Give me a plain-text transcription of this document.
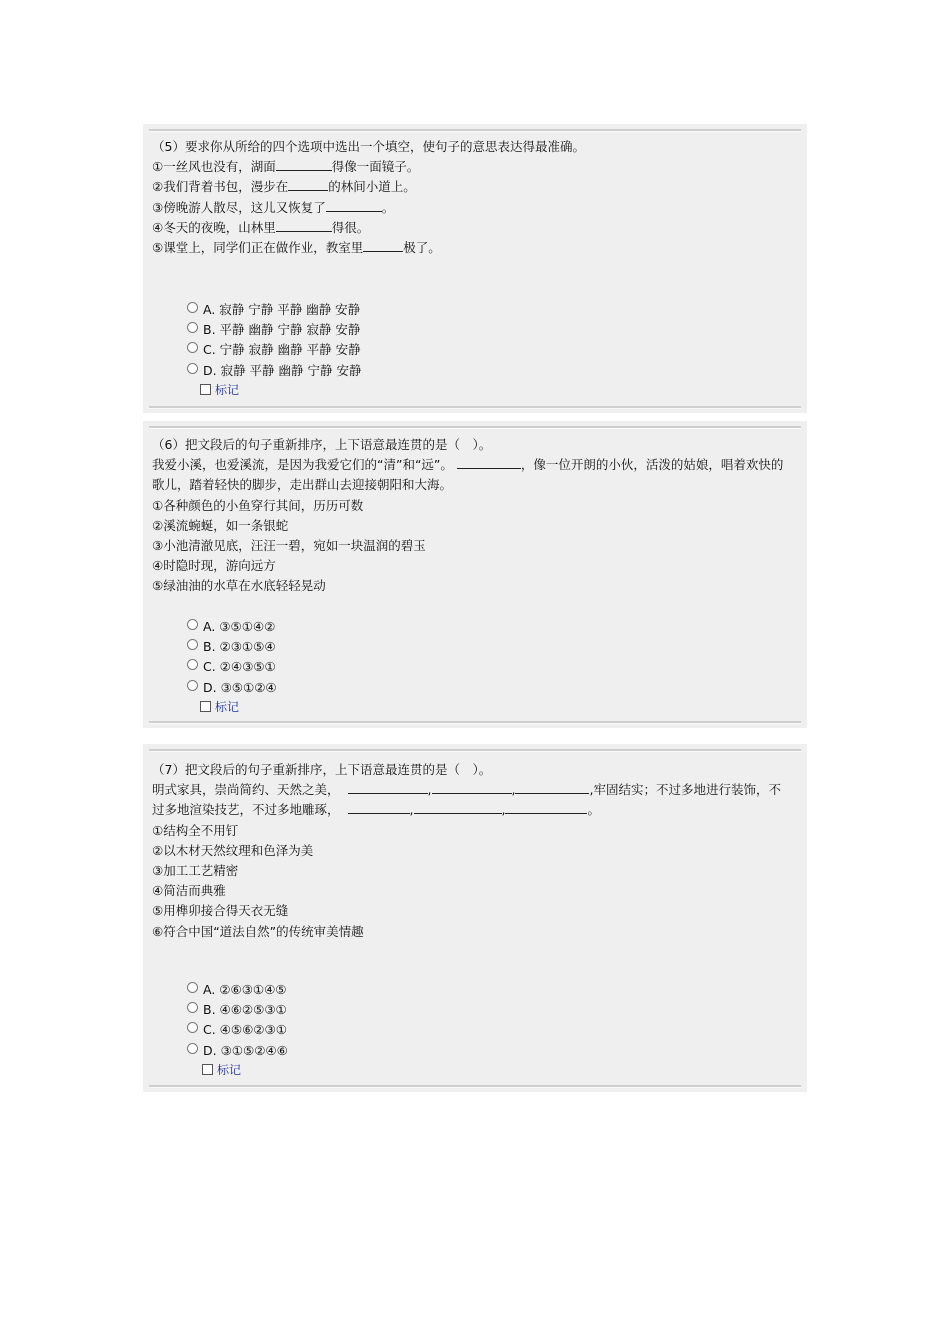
（5）要求你从所给的四个选项中选出一个填空，使句子的意思表达得最准确。
①一丝风也没有，湖面	得像一面镜子。
②我们背着书包，漫步在	的林间小道上。
③傍晚游人散尽，这儿又恢复了	。
④冬天的夜晚，山林里	得很。
⑤课堂上，同学们正在做作业，教室里	极了。
A. 寂静 宁静 平静 幽静 安静
B. 平静 幽静 宁静 寂静 安静
C. 宁静 寂静 幽静 平静 安静
D. 寂静 平静 幽静 宁静 安静
标记
（6）把文段后的句子重新排序，上下语意最连贯的是（　）。
我爱小溪，也爱溪流，是因为我爱它们的“清”和“远”。	，像一位开朗的小伙，活泼的姑娘，唱着欢快的
歌儿，踏着轻快的脚步，走出群山去迎接朝阳和大海。
①各种颜色的小鱼穿行其间，历历可数
②溪流蜿蜒，如一条银蛇
③小池清澈见底，汪汪一碧，宛如一块温润的碧玉
④时隐时现，游向远方
⑤绿油油的水草在水底轻轻晃动
A. ③⑤①④②
B. ②③①⑤④
C. ②④③⑤①
D. ③⑤①②④
标记
（7）把文段后的句子重新排序，上下语意最连贯的是（　）。
明式家具，崇尚简约、天然之美，	,	,	,牢固结实；不过多地进行装饰，不
过多地渲染技艺，不过多地雕琢，	,	,	。
①结构全不用钉
②以木材天然纹理和色泽为美
③加工工艺精密
④简洁而典雅
⑤用榫卯接合得天衣无缝
⑥符合中国“道法自然”的传统审美情趣
A. ②⑥③①④⑤
B. ④⑥②⑤③①
C. ④⑤⑥②③①
D. ③①⑤②④⑥
标记
